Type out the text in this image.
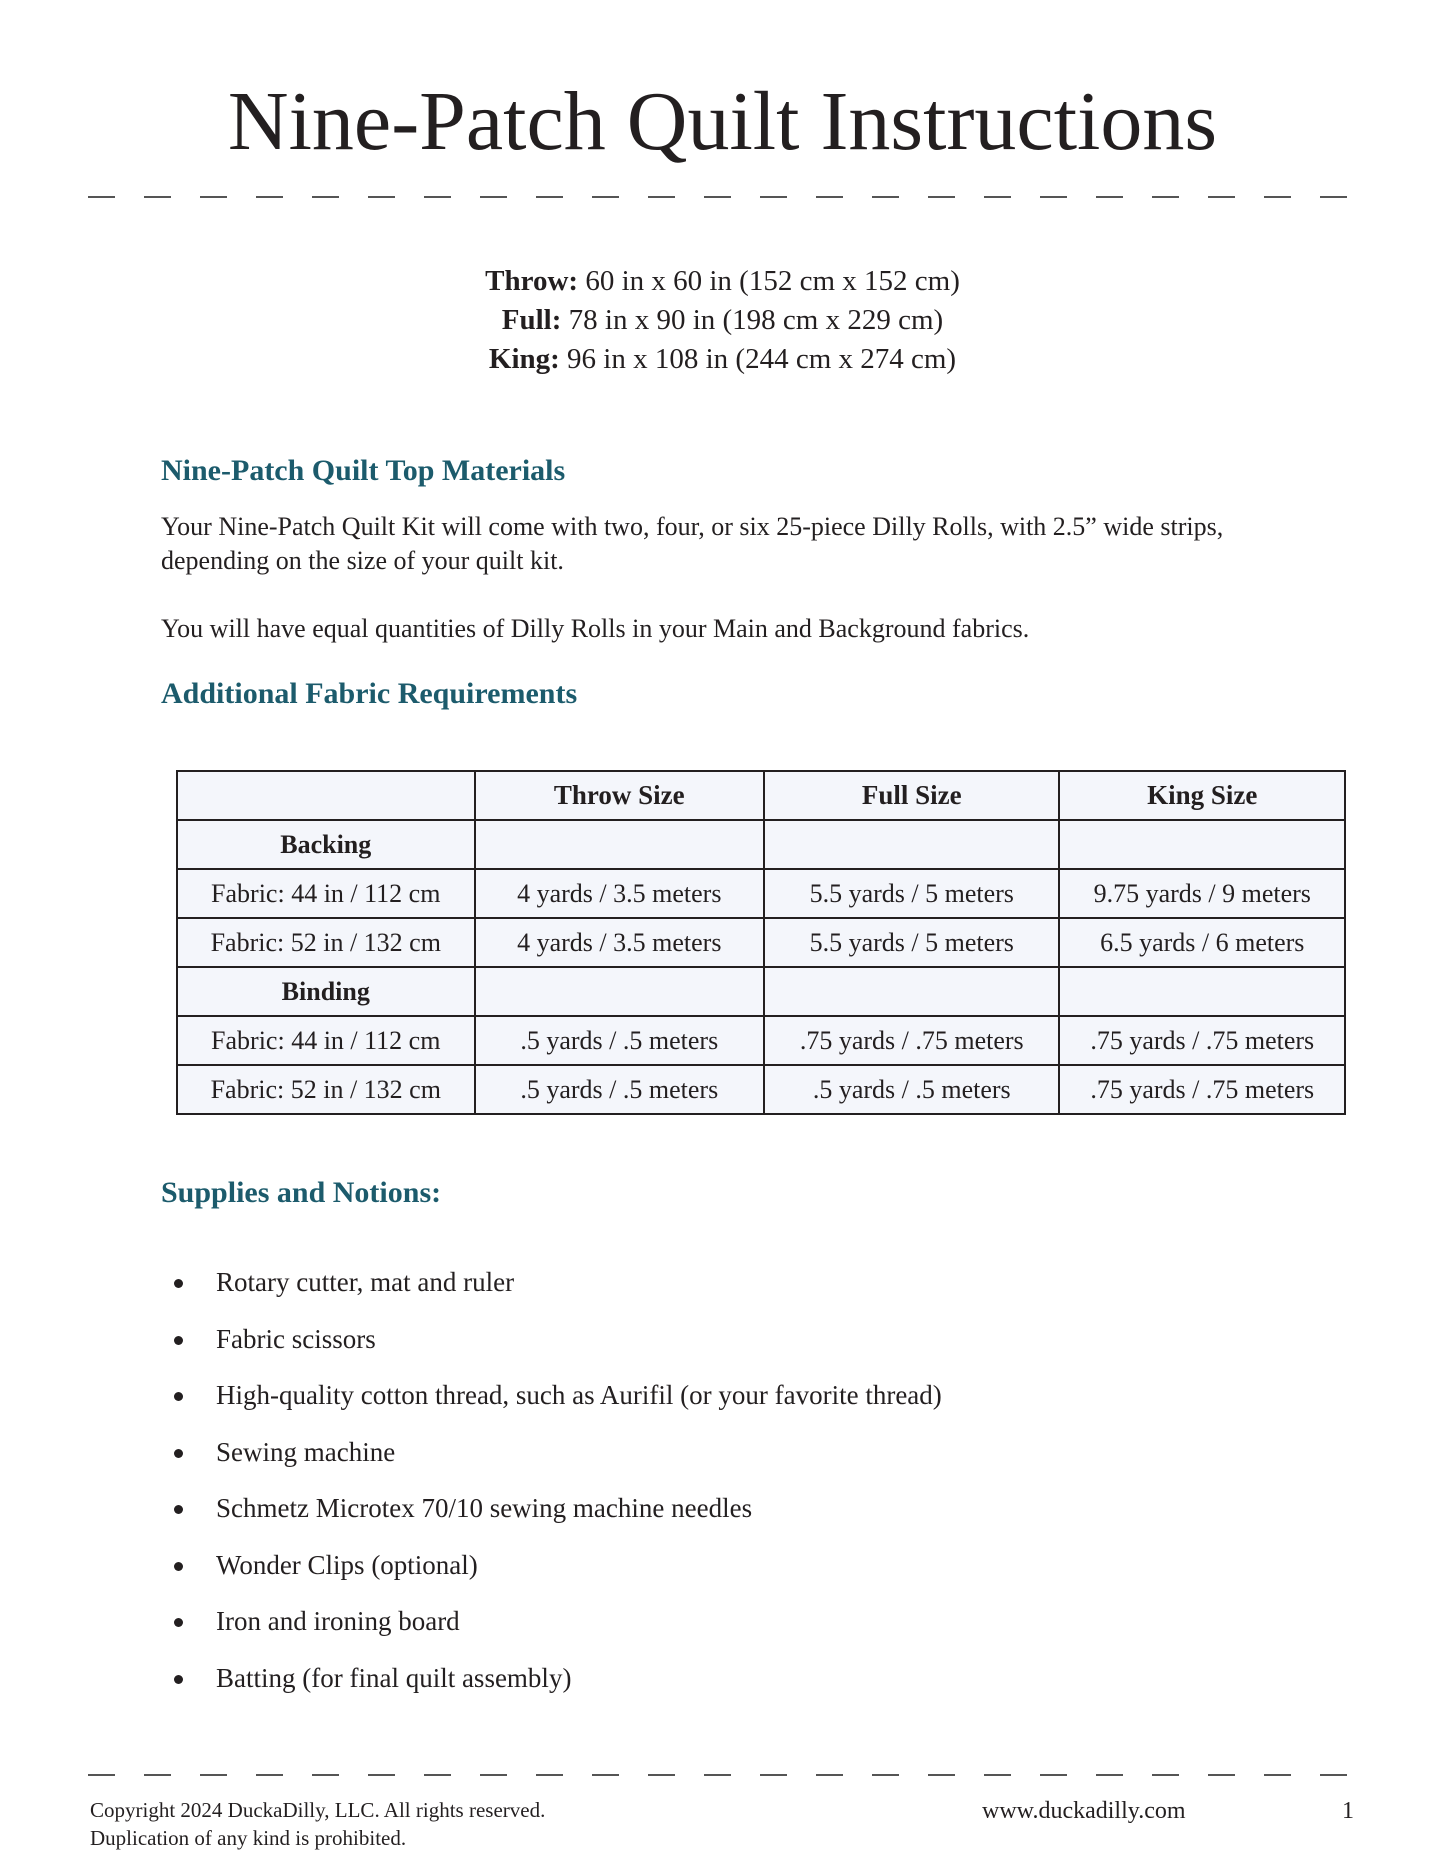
Nine-Patch Quilt Instructions
Throw: 60 in x 60 in (152 cm x 152 cm)
Full: 78 in x 90 in (198 cm x 229 cm)
King: 96 in x 108 in (244 cm x 274 cm)
Nine-Patch Quilt Top Materials
Your Nine-Patch Quilt Kit will come with two, four, or six 25-piece Dilly Rolls, with 2.5” wide strips, depending on the size of your quilt kit.
You will have equal quantities of Dilly Rolls in your Main and Background fabrics.
Additional Fabric Requirements
	Throw Size	Full Size	King Size
Backing			
Fabric: 44 in / 112 cm	4 yards / 3.5 meters	5.5 yards / 5 meters	9.75 yards / 9 meters
Fabric: 52 in / 132 cm	4 yards / 3.5 meters	5.5 yards / 5 meters	6.5 yards / 6 meters
Binding			
Fabric: 44 in / 112 cm	.5 yards / .5 meters	.75 yards / .75 meters	.75 yards / .75 meters
Fabric: 52 in / 132 cm	.5 yards / .5 meters	.5 yards / .5 meters	.75 yards / .75 meters
Supplies and Notions:
Rotary cutter, mat and ruler
Fabric scissors
High-quality cotton thread, such as Aurifil (or your favorite thread)
Sewing machine
Schmetz Microtex 70/10 sewing machine needles
Wonder Clips (optional)
Iron and ironing board
Batting (for final quilt assembly)
Copyright 2024 DuckaDilly, LLC. All rights reserved.
Duplication of any kind is prohibited.
www.duckadilly.com	1
